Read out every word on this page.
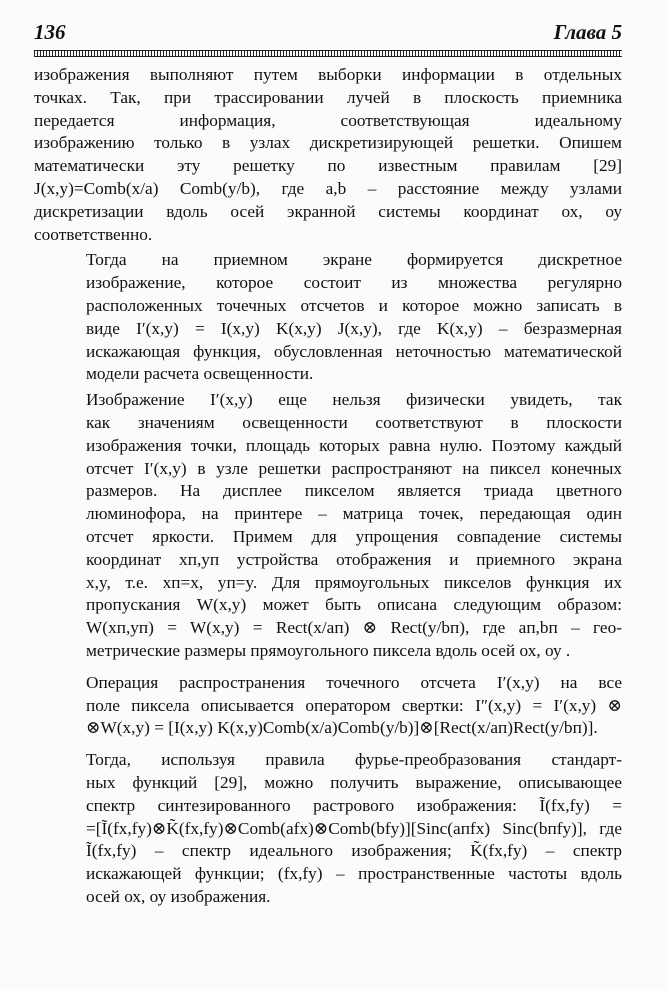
136	Глава 5

изображения выполняют путем выборки информации в отдельных
точках. Так, при трассировании лучей в плоскость приемника
передается информация, соответствующая идеальному
изображению только в узлах дискретизирующей решетки. Опишем
математически эту решетку по известным правилам [29]
J(x,y)=Comb(x/a) Comb(y/b), где a,b – расстояние между узлами
дискретизации вдоль осей экранной системы координат ох, оу
соответственно.

Тогда на приемном экране формируется дискретное
изображение, которое состоит из множества регулярно
расположенных точечных отсчетов и которое можно записать в
виде I′(x,y) = I(x,y) K(x,y) J(x,y), где K(x,y) – безразмерная
искажающая функция, обусловленная неточностью математической
модели расчета освещенности.

Изображение I′(x,y) еще нельзя физически увидеть, так
как значениям освещенности соответствуют в плоскости
изображения точки, площадь которых равна нулю. Поэтому каждый
отсчет I′(x,y) в узле решетки распространяют на пиксел конечных
размеров. На дисплее пикселом является триада цветного
люминофора, на принтере – матрица точек, передающая один
отсчет яркости. Примем для упрощения совпадение системы
координат xп,yп устройства отображения и приемного экрана
x,y, т.е. xп=x, yп=y. Для прямоугольных пикселов функция их
пропускания W(x,y) может быть описана следующим образом:
W(xп,yп) = W(x,y) = Rect(x/aп) ⊗ Rect(y/bп), где aп,bп – гео-
метрические размеры прямоугольного пиксела вдоль осей ох, оу .

Операция распространения точечного отсчета I′(x,y) на все
поле пиксела описывается оператором свертки: I″(x,y) = I′(x,y) ⊗
⊗W(x,y) = [I(x,y) K(x,y)Comb(x/a)Comb(y/b)]⊗[Rect(x/aп)Rect(y/bп)].

Тогда, используя правила фурье-преобразования стандарт-
ных функций [29], можно получить выражение, описывающее
спектр синтезированного растрового изображения: Ĩ(fx,fy) =
=[Ĩ(fx,fy)⊗K̃(fx,fy)⊗Comb(afx)⊗Comb(bfy)][Sinc(aпfx) Sinc(bпfy)], где
Ĩ(fx,fy) – спектр идеального изображения; K̃(fx,fy) – спектр
искажающей функции; (fx,fy) – пространственные частоты вдоль
осей ох, оу изображения.
